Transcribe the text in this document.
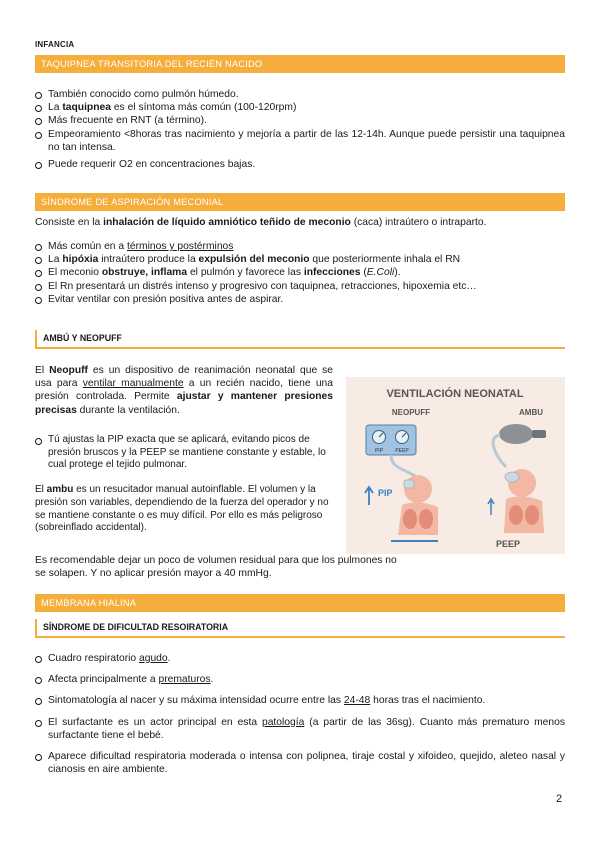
INFANCIA
TAQUIPNEA TRANSITORIA DEL RECIÉN NACIDO
También conocido como pulmón húmedo.
La taquipnea es el síntoma más común (100-120rpm)
Más frecuente en RNT (a término).
Empeoramiento <8horas tras nacimiento y mejoría a partir de las 12-14h. Aunque puede persistir una taquipnea no tan intensa.
Puede requerir O2 en concentraciones bajas.
SÍNDROME DE ASPIRACIÓN MECONIAL
Consiste en la inhalación de líquido amniótico teñido de meconio (caca) intraútero o intraparto.
Más común en a términos y postérminos
La hipóxia intraútero produce la expulsión del meconio que posteriormente inhala el RN
El meconio obstruye, inflama el pulmón y favorece las infecciones (E.Coli).
El Rn presentará un distrés intenso y progresivo con taquipnea, retracciones, hipoxemia etc…
Evitar ventilar con presión positiva antes de aspirar.
AMBÚ Y NEOPUFF
El Neopuff es un dispositivo de reanimación neonatal que se usa para ventilar manualmente a un recién nacido, tiene una presión controlada. Permite ajustar y mantener presiones precisas durante la ventilación.
Tú ajustas la PIP exacta que se aplicará, evitando picos de presión bruscos y la PEEP se mantiene constante y estable, lo cual protege el tejido pulmonar.
El ambu es un resucitador manual autoinflable. El volumen y la presión son variables, dependiendo de la fuerza del operador y no se mantiene constante o es muy difícil. Por ello es más peligroso (sobreinflado accidental).
Es recomendable dejar un poco de volumen residual para que los pulmones no se solapen. Y no aplicar presión mayor a 40 mmHg.
VENTILACIÓN NEONATAL
NEOPUFF	AMBU
PIP PEEP
PIP
PEEP
MEMBRANA HIALINA
SÍNDROME DE DIFICULTAD RESOIRATORIA
Cuadro respiratorio agudo.
Afecta principalmente a prematuros.
Sintomatología al nacer y su máxima intensidad ocurre entre las 24-48 horas tras el nacimiento.
El surfactante es un actor principal en esta patología (a partir de las 36sg). Cuanto más prematuro menos surfactante tiene el bebé.
Aparece dificultad respiratoria moderada o intensa con polipnea, tiraje costal y xifoideo, quejido, aleteo nasal y cianosis en aire ambiente.
2
